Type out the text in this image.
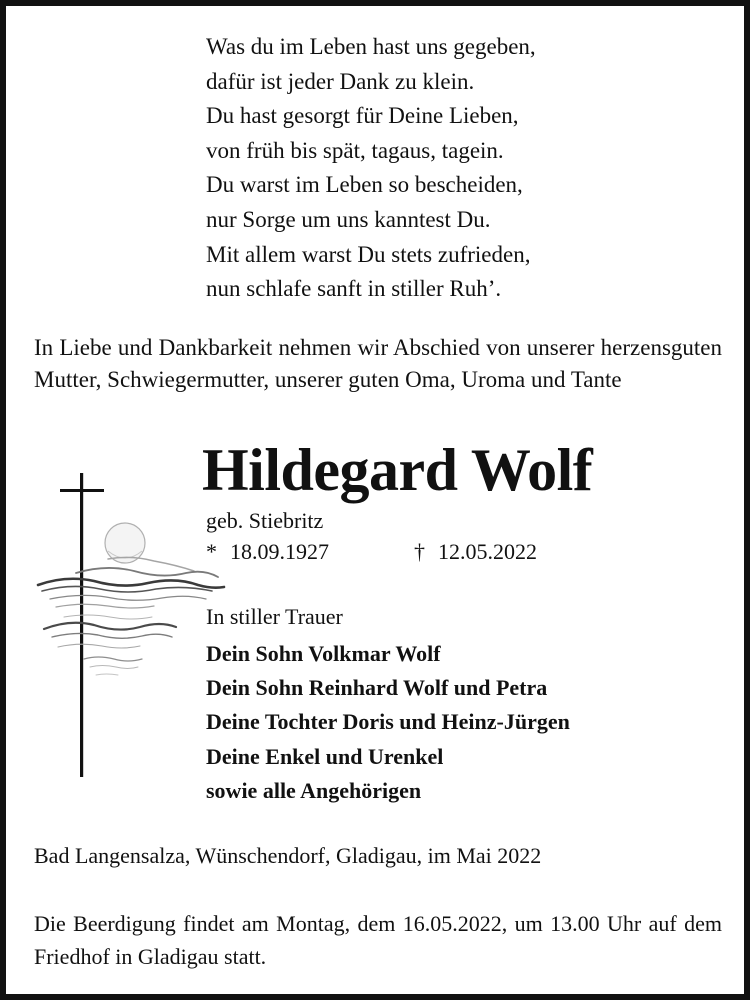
Was du im Leben hast uns gegeben,
dafür ist jeder Dank zu klein.
Du hast gesorgt für Deine Lieben,
von früh bis spät, tagaus, tagein.
Du warst im Leben so bescheiden,
nur Sorge um uns kanntest Du.
Mit allem warst Du stets zufrieden,
nun schlafe sanft in stiller Ruh’.
In Liebe und Dankbarkeit nehmen wir Abschied von unserer herzensguten Mutter, Schwiegermutter, unserer guten Oma, Uroma und Tante
Hildegard Wolf
geb. Stiebritz
* 18.09.1927	† 12.05.2022
In stiller Trauer
Dein Sohn Volkmar Wolf
Dein Sohn Reinhard Wolf und Petra
Deine Tochter Doris und Heinz-Jürgen
Deine Enkel und Urenkel
sowie alle Angehörigen
Bad Langensalza, Wünschendorf, Gladigau, im Mai 2022
Die Beerdigung findet am Montag, dem 16.05.2022, um 13.00 Uhr auf dem Friedhof in Gladigau statt.
